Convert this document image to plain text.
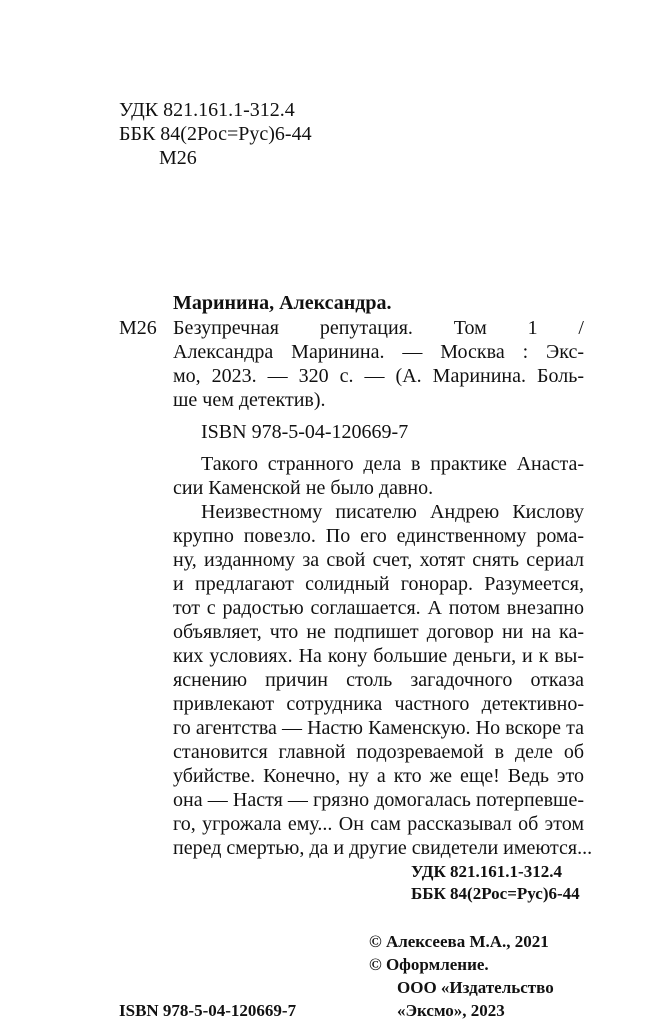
УДК 821.161.1-312.4
ББК 84(2Рос=Рус)6-44
М26
Маринина, Александра.
М26 Безупречная репутация. Том 1 /
Александра Маринина. — Москва : Экс-
мо, 2023. — 320 с. — (А. Маринина. Боль-
ше чем детектив).
ISBN 978-5-04-120669-7
Такого странного дела в практике Анаста-
сии Каменской не было давно.
Неизвестному писателю Андрею Кислову
крупно повезло. По его единственному рома-
ну, изданному за свой счет, хотят снять сериал
и предлагают солидный гонорар. Разумеется,
тот с радостью соглашается. А потом внезапно
объявляет, что не подпишет договор ни на ка-
ких условиях. На кону большие деньги, и к вы-
яснению причин столь загадочного отказа
привлекают сотрудника частного детективно-
го агентства — Настю Каменскую. Но вскоре та
становится главной подозреваемой в деле об
убийстве. Конечно, ну а кто же еще! Ведь это
она — Настя — грязно домогалась потерпевше-
го, угрожала ему... Он сам рассказывал об этом
перед смертью, да и другие свидетели имеются...
УДК 821.161.1-312.4
ББК 84(2Рос=Рус)6-44
© Алексеева М.А., 2021
© Оформление.
ООО «Издательство
«Эксмо», 2023
ISBN 978-5-04-120669-7
